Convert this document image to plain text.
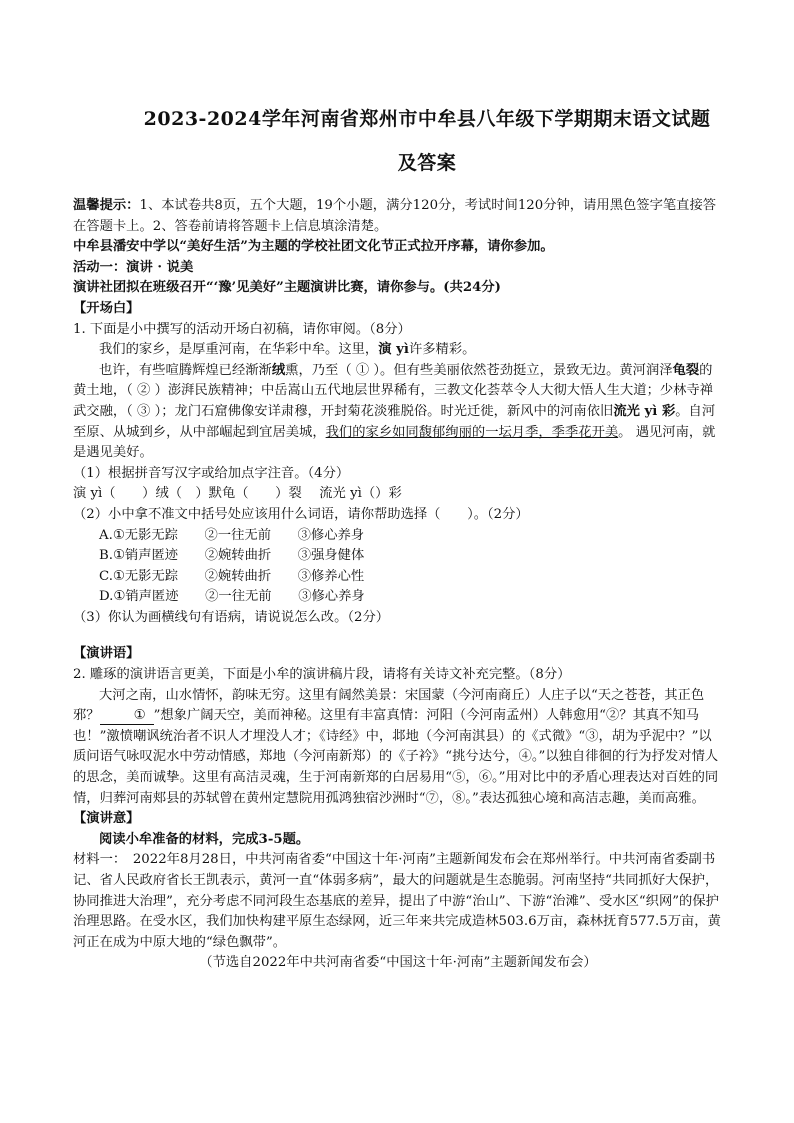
2023-2024学年河南省郑州市中牟县八年级下学期期末语文试题
及答案

温馨提示：1、本试卷共8页，五个大题，19个小题，满分120分，考试时间120分钟，请用黑色签字笔直接答在答题卡上。2、答卷前请将答题卡上信息填涂清楚。

中牟县潘安中学以“美好生活”为主题的学校社团文化节正式拉开序幕，请你参加。

活动一：演讲 · 说美

演讲社团拟在班级召开“‘豫’见美好”主题演讲比赛，请你参与。(共24分)

【开场白】

1. 下面是小中撰写的活动开场白初稿，请你审阅。（8分）

我们的家乡，是厚重河南，在华彩中牟。这里，演 yì许多精彩。

也许，有些喧腾辉煌已经渐渐绒熏，乃至（ ① ）。但有些美丽依然苍劲挺立，景致无边。黄河润泽龟裂的黄土地，（ ② ）澎湃民族精神；中岳嵩山五代地层世界稀有，三教文化荟萃令人大彻大悟人生大道；少林寺禅武交融，（ ③ ）；龙门石窟佛像安详肃穆，开封菊花淡雅脱俗。时光迁徙，新风中的河南依旧流光 yì 彩。自河至原、从城到乡，从中部崛起到宜居美城，我们的家乡如同馥郁绚丽的一坛月季，季季花开美。 遇见河南，就是遇见美好。

（1）根据拼音写汉字或给加点字注音。（4分）

演 yì（　　）绒（　）默龟（　　）裂　 流光 yì（）彩

（2）小中拿不准文中括号处应该用什么词语，请你帮助选择（　　）。（2分）

A.①无影无踪　　②一往无前　　③修心养身

B.①销声匿迹　　②婉转曲折　　③强身健体

C.①无影无踪　　②婉转曲折　　③修养心性

D.①销声匿迹　　②一往无前　　③修心养身

（3）你认为画横线句有语病，请说说怎么改。（2分）

【演讲语】

2. 雕琢的演讲语言更美，下面是小牟的演讲稿片段，请将有关诗文补充完整。（8分）

大河之南，山水情怀，韵味无穷。这里有阔然美景：宋国蒙（今河南商丘）人庄子以“天之苍苍，其正色邪？	① ”想象广阔天空，美而神秘。这里有丰富真情：河阳（今河南孟州）人韩愈用“②？其真不知马也！”激愤嘲讽统治者不识人才埋没人才；《诗经》中，邶地（今河南淇县）的《式微》“③，胡为乎泥中？”以质问语气咏叹泥水中劳动情感，郑地（今河南新郑）的《子衿》“挑兮达兮，④。”以独自徘徊的行为抒发对情人的思念，美而诚挚。这里有高洁灵魂，生于河南新郑的白居易用“⑤，⑥。”用对比中的矛盾心理表达对百姓的同情，归葬河南郏县的苏轼曾在黄州定慧院用孤鸿独宿沙洲时“⑦，⑧。”表达孤独心境和高洁志趣，美而高雅。

【演讲意】

阅读小牟准备的材料，完成3-5题。

材料一：　2022年8月28日，中共河南省委“中国这十年·河南”主题新闻发布会在郑州举行。中共河南省委副书记、省人民政府省长王凯表示，黄河一直“体弱多病”，最大的问题就是生态脆弱。河南坚持“共同抓好大保护，协同推进大治理”，充分考虑不同河段生态基底的差异，提出了中游“治山”、下游“治滩”、受水区“织网”的保护治理思路。在受水区，我们加快构建平原生态绿网，近三年来共完成造林503.6万亩，森林抚育577.5万亩，黄河正在成为中原大地的“绿色飘带”。

（节选自2022年中共河南省委“中国这十年·河南”主题新闻发布会）
